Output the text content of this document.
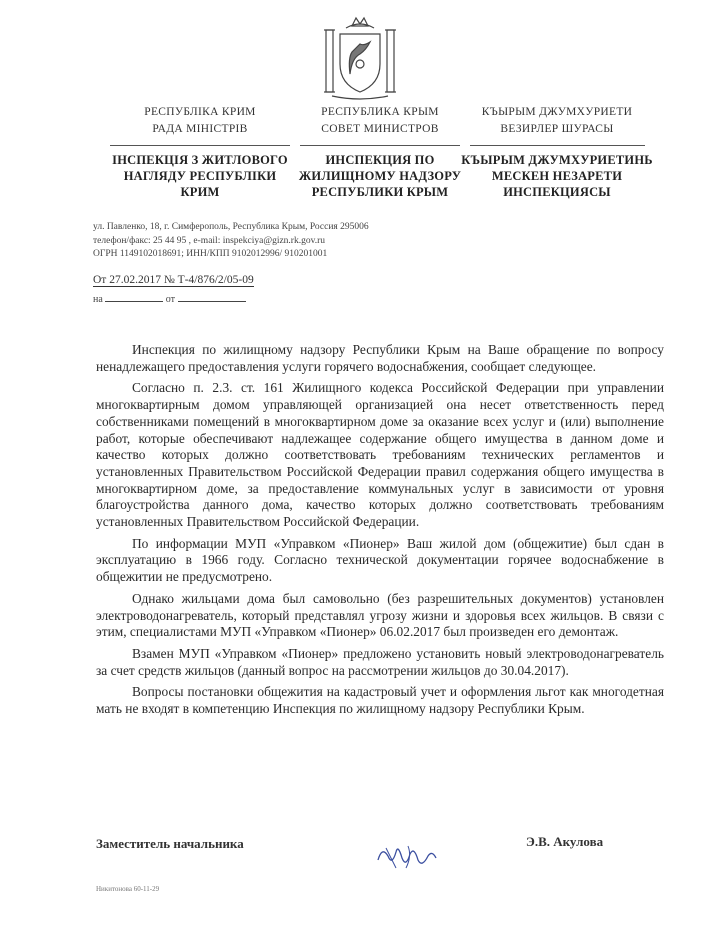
РЕСПУБЛІКА КРИМ
РАДА МІНІСТРІВ
ІНСПЕКЦІЯ З ЖИТЛОВОГО
НАГЛЯДУ РЕСПУБЛІКИ
КРИМ
РЕСПУБЛИКА КРЫМ
СОВЕТ МИНИСТРОВ
ИНСПЕКЦИЯ ПО
ЖИЛИЩНОМУ НАДЗОРУ
РЕСПУБЛИКИ КРЫМ
КЪЫРЫМ ДЖУМХУРИЕТИ
ВЕЗИРЛЕР ШУРАСЫ
КЪЫРЫМ ДЖУМХУРИЕТИНЬ
МЕСКЕН НЕЗАРЕТИ
ИНСПЕКЦИЯСЫ
ул. Павленко, 18, г. Симферополь, Республика Крым, Россия 295006
телефон/факс: 25 44 95 , e-mail: inspekciya@gizn.rk.gov.ru
ОГРН 1149102018691; ИНН/КПП 9102012996/ 910201001
От 27.02.2017 № Т-4/876/2/05-09
на	от

Инспекция по жилищному надзору Республики Крым на Ваше обращение по вопросу ненадлежащего предоставления услуги горячего водоснабжения, сообщает следующее.

Согласно п. 2.3. ст. 161 Жилищного кодекса Российской Федерации при управлении многоквартирным домом управляющей организацией она несет ответственность перед собственниками помещений в многоквартирном доме за оказание всех услуг и (или) выполнение работ, которые обеспечивают надлежащее содержание общего имущества в данном доме и качество которых должно соответствовать требованиям технических регламентов и установленных Правительством Российской Федерации правил содержания общего имущества в многоквартирном доме, за предоставление коммунальных услуг в зависимости от уровня благоустройства данного дома, качество которых должно соответствовать требованиям установленных Правительством Российской Федерации.

По информации МУП «Управком «Пионер» Ваш жилой дом (общежитие) был сдан в эксплуатацию в 1966 году. Согласно технической документации горячее водоснабжение в общежитии не предусмотрено.

Однако жильцами дома был самовольно (без разрешительных документов) установлен электроводонагреватель, который представлял угрозу жизни и здоровья всех жильцов. В связи с этим, специалистами МУП «Управком «Пионер» 06.02.2017 был произведен его демонтаж.

Взамен МУП «Управком «Пионер» предложено установить новый электроводонагреватель за счет средств жильцов (данный вопрос на рассмотрении жильцов до 30.04.2017).

Вопросы постановки общежития на кадастровый учет и оформления льгот как многодетная мать не входят в компетенцию Инспекция по жилищному надзору Республики Крым.

Заместитель начальника	Э.В. Акулова
Никитонова 60-11-29
